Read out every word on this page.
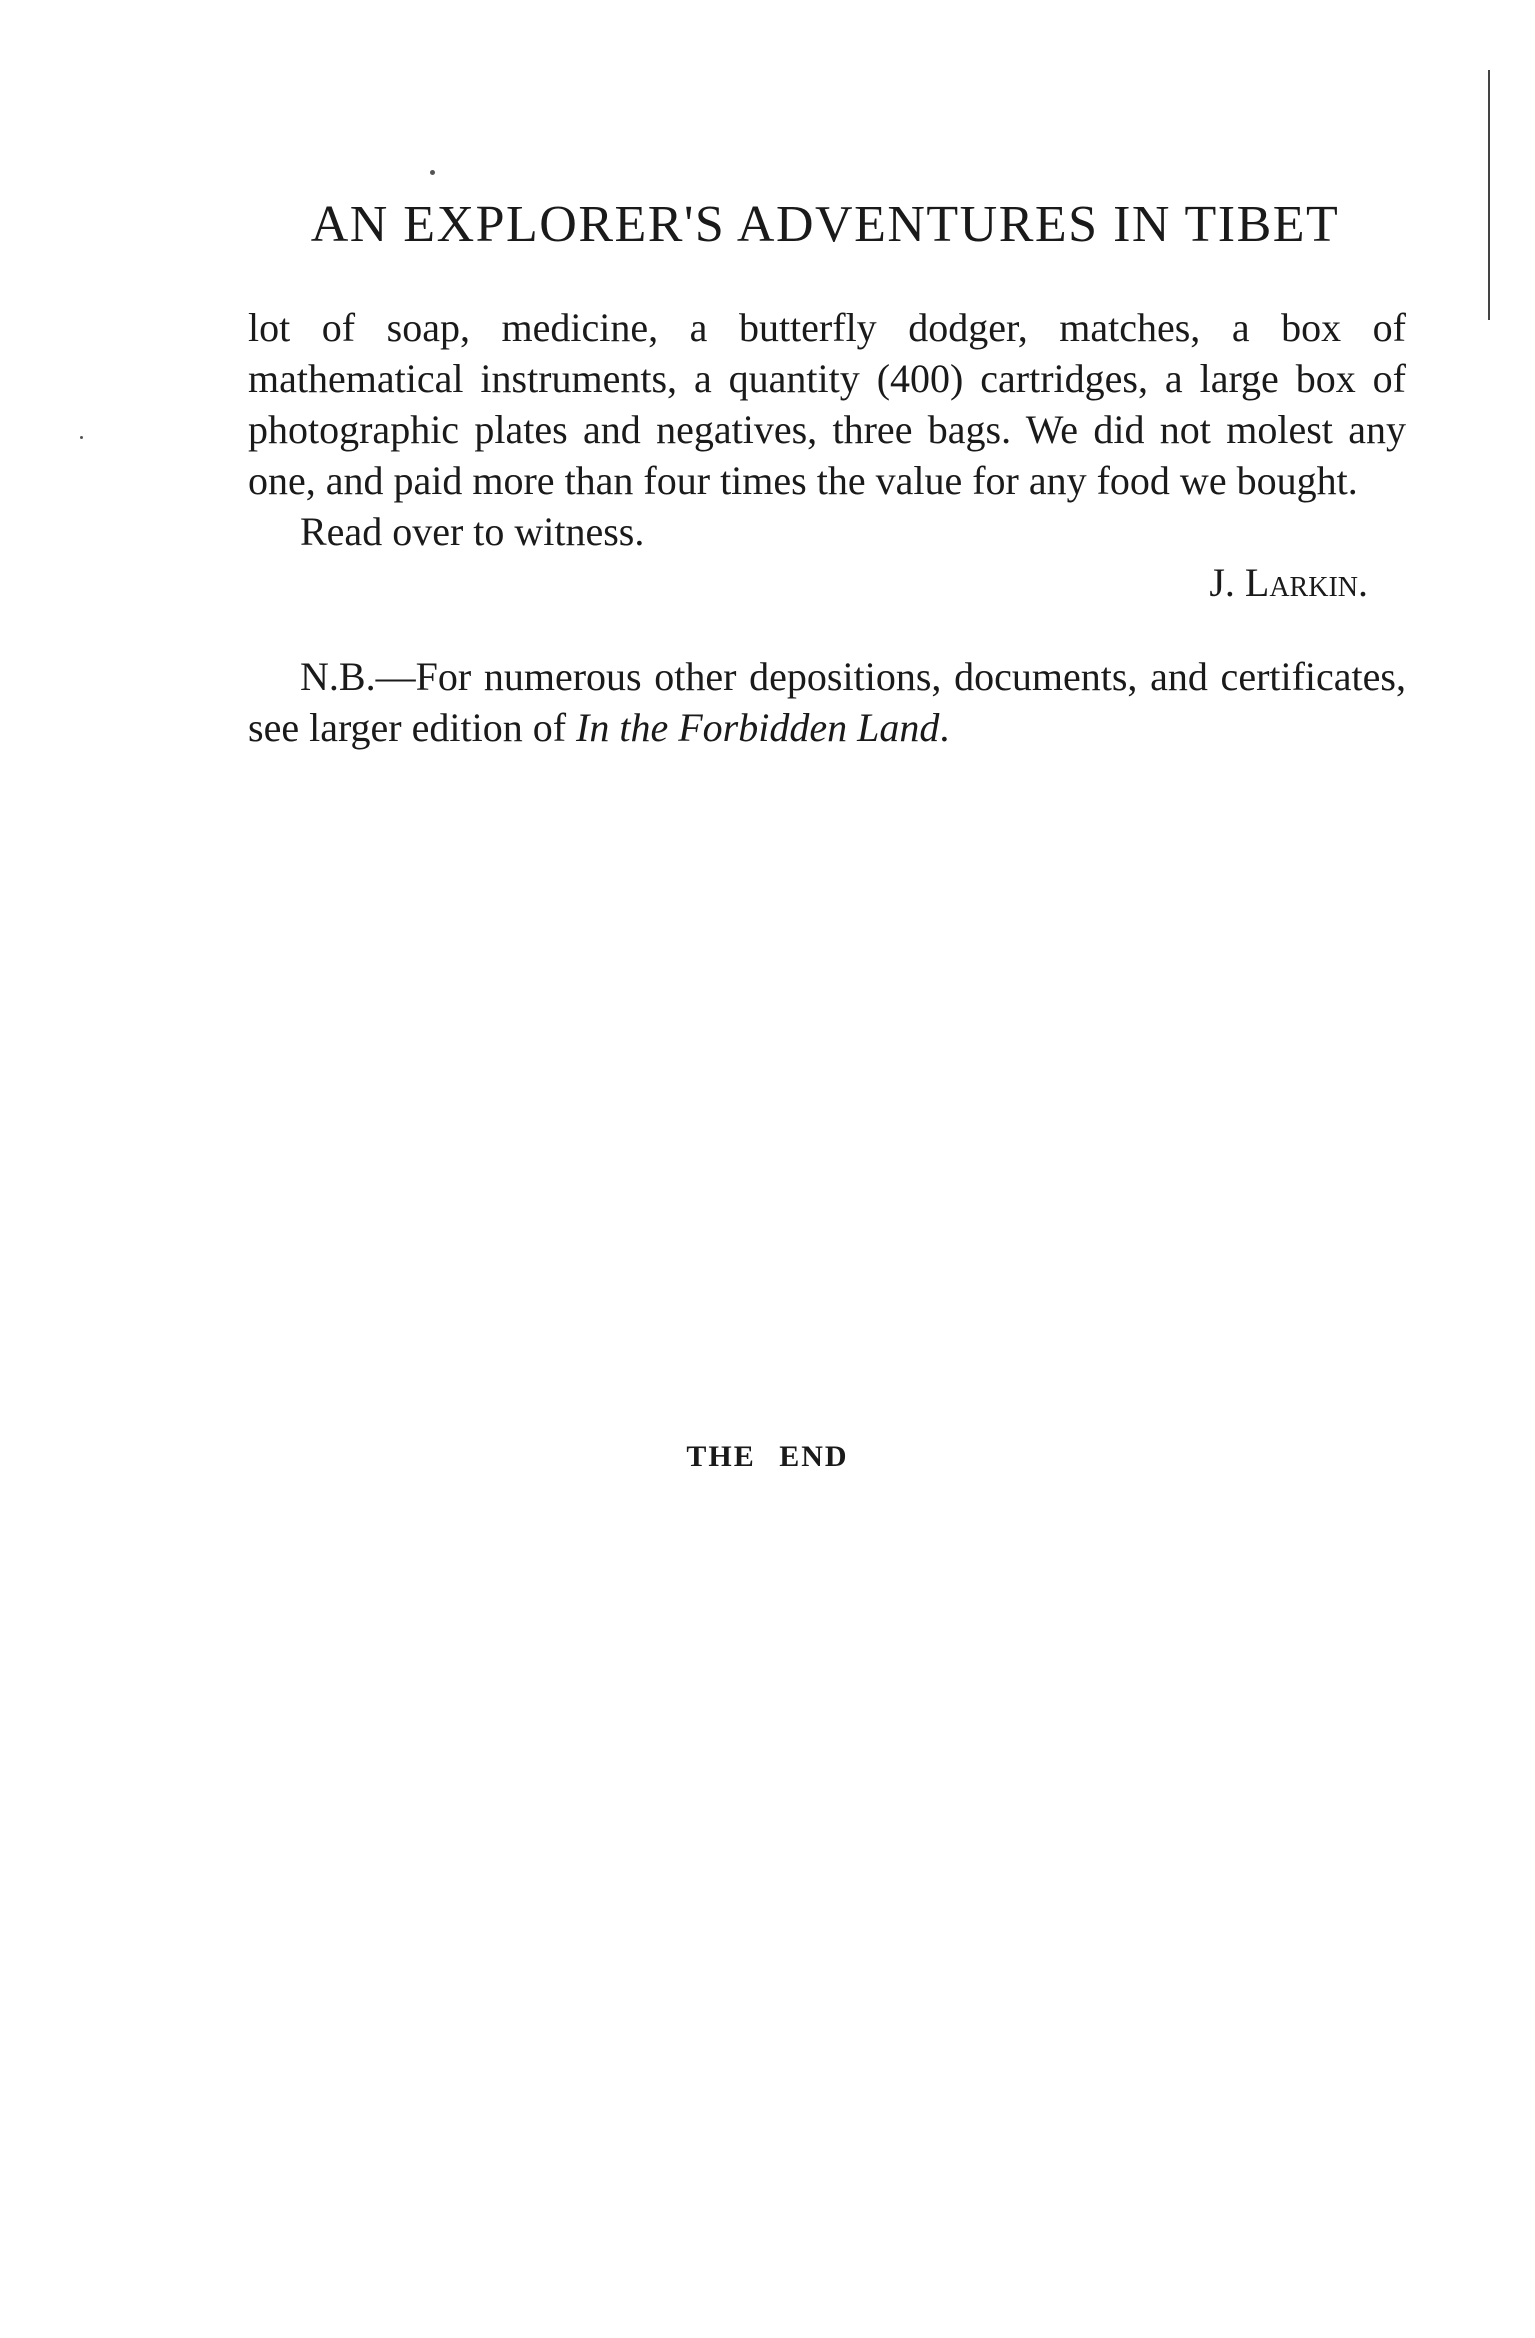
AN EXPLORER'S ADVENTURES IN TIBET

lot of soap, medicine, a butterfly dodger, matches, a box of mathematical instruments, a quantity (400) cartridges, a large box of photographic plates and negatives, three bags. We did not molest any one, and paid more than four times the value for any food we bought.

Read over to witness.

J. Larkin.

N.B.—For numerous other depositions, documents, and certificates, see larger edition of In the Forbidden Land.

THE END
